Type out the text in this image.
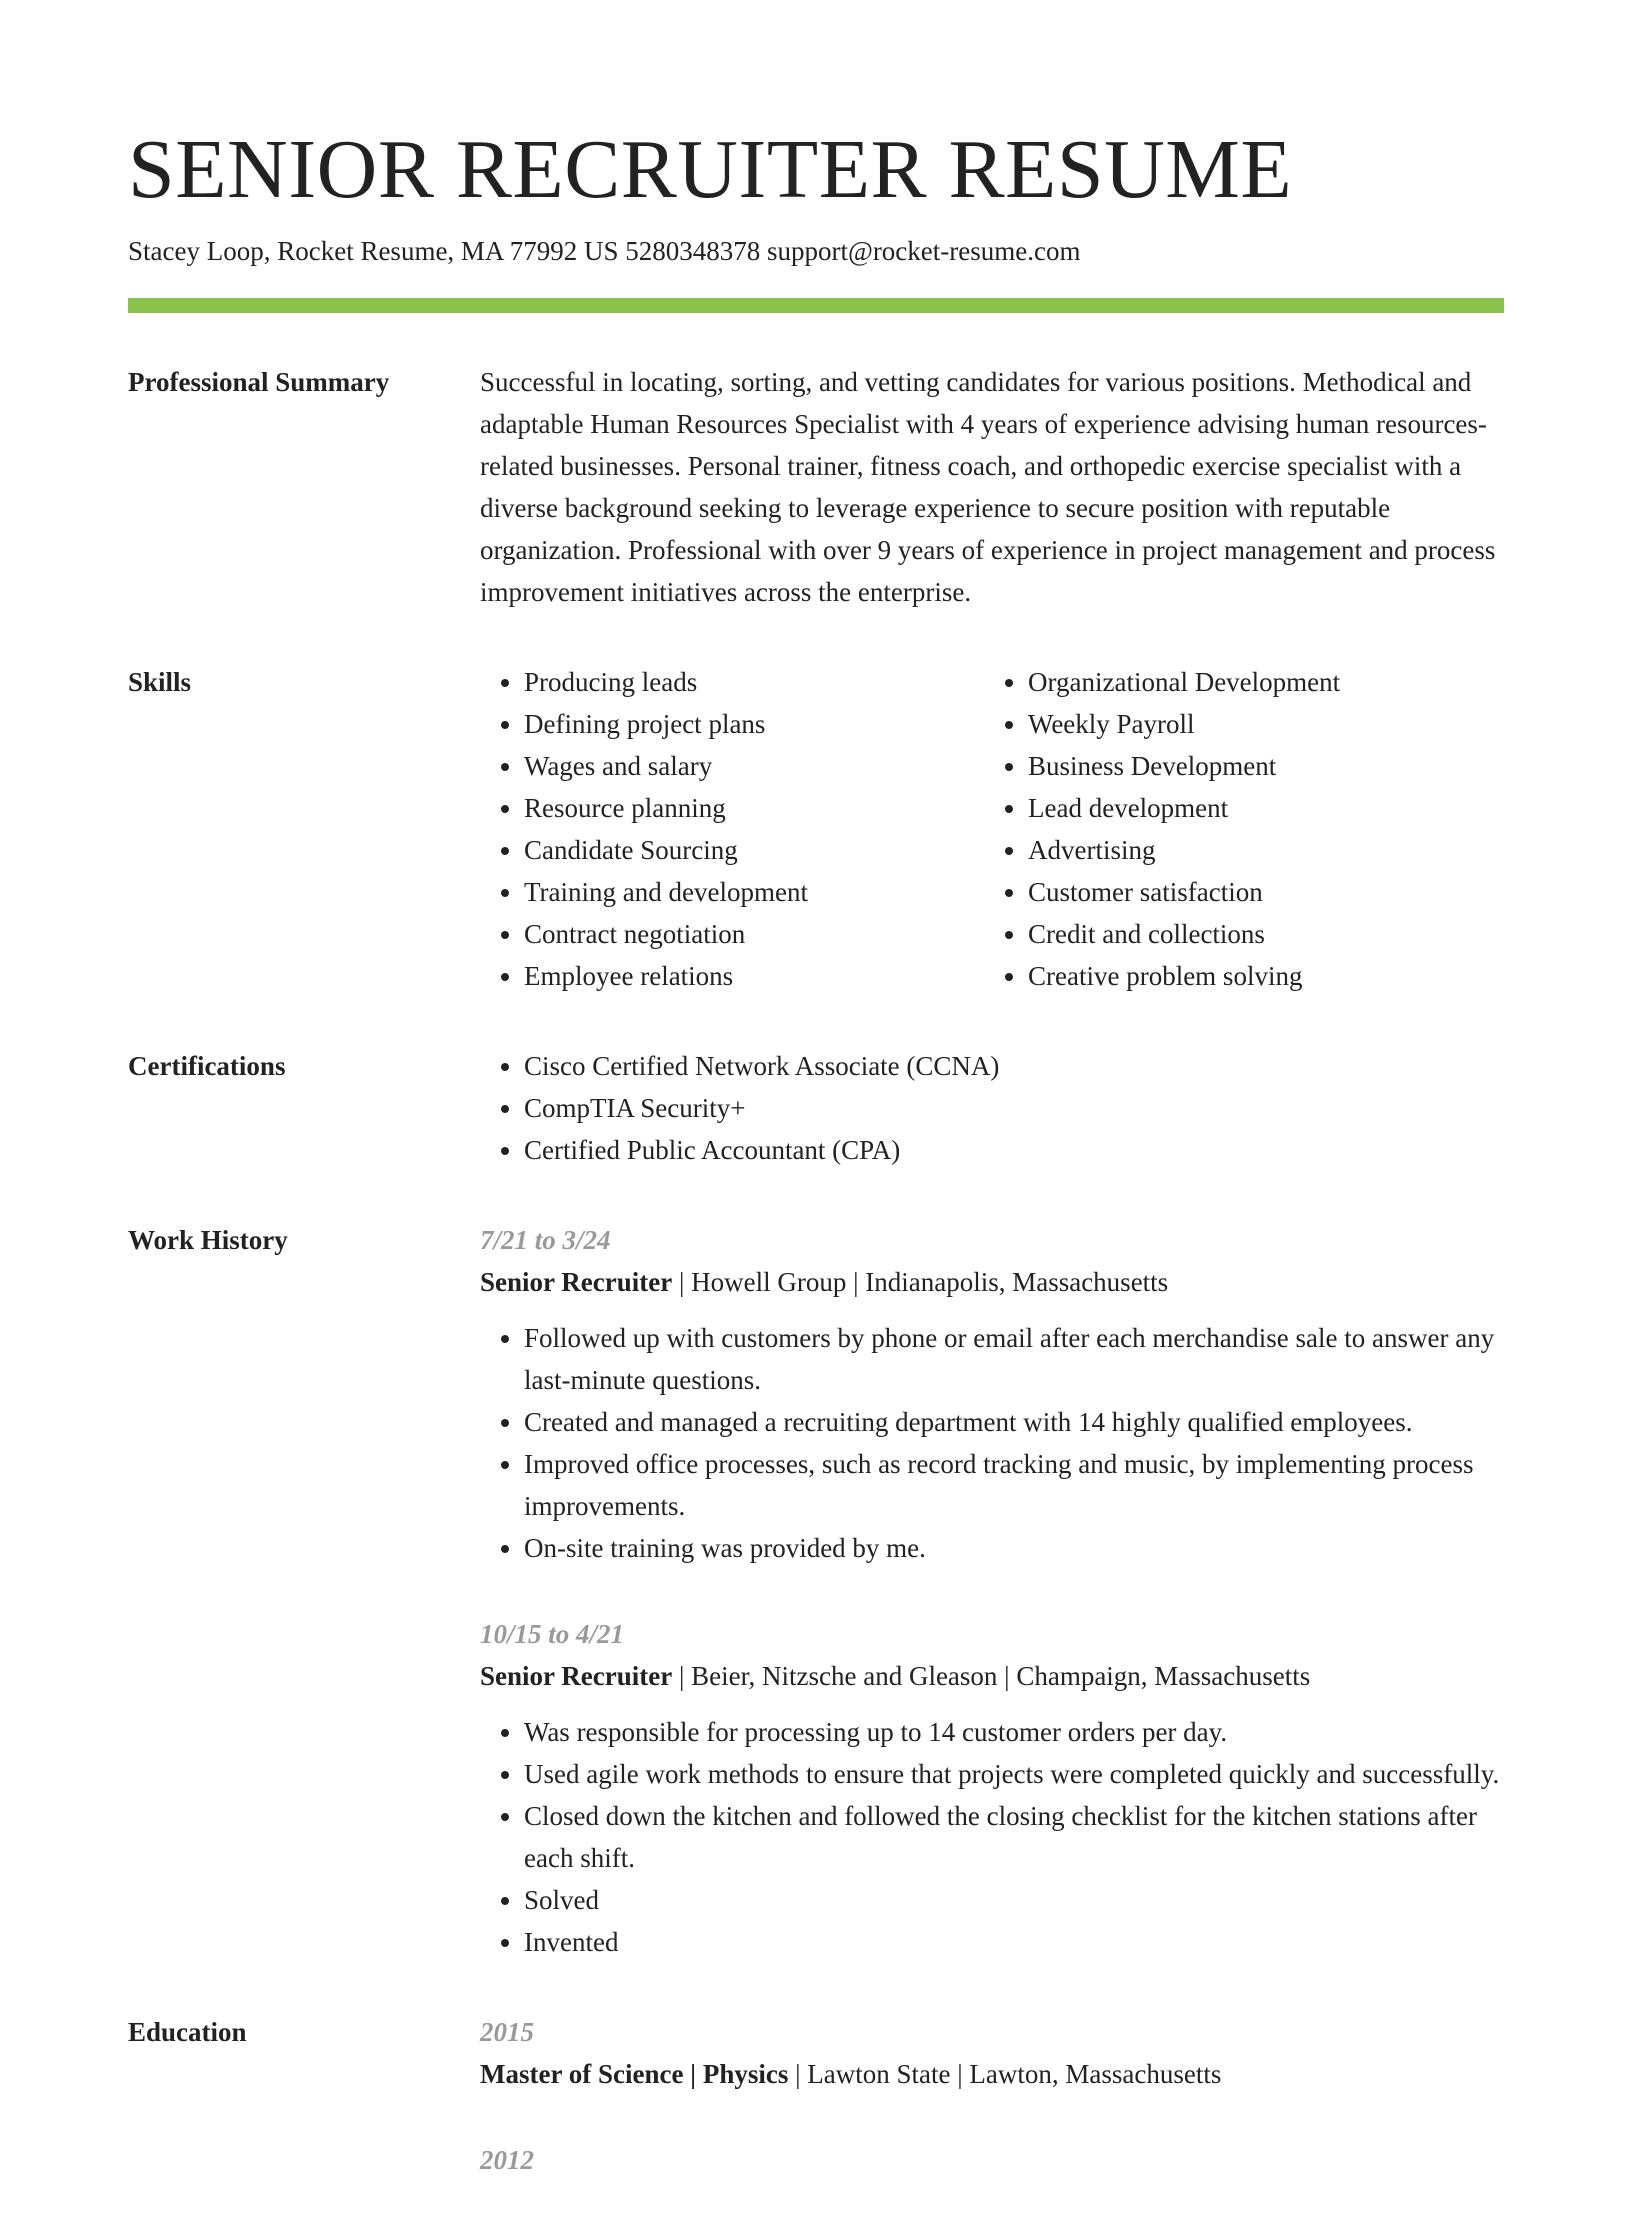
SENIOR RECRUITER RESUME
Stacey Loop, Rocket Resume, MA 77992 US 5280348378 support@rocket-resume.com
Professional Summary	Successful in locating, sorting, and vetting candidates for various positions. Methodical and adaptable Human Resources Specialist with 4 years of experience advising human resources-related businesses. Personal trainer, fitness coach, and orthopedic exercise specialist with a diverse background seeking to leverage experience to secure position with reputable organization. Professional with over 9 years of experience in project management and process improvement initiatives across the enterprise.

Skills	• Producing leads
• Defining project plans
• Wages and salary
• Resource planning
• Candidate Sourcing
• Training and development
• Contract negotiation
• Employee relations
• Organizational Development
• Weekly Payroll
• Business Development
• Lead development
• Advertising
• Customer satisfaction
• Credit and collections
• Creative problem solving
Certifications	• Cisco Certified Network Associate (CCNA)
• CompTIA Security+
• Certified Public Accountant (CPA)
Work History	7/21 to 3/24
Senior Recruiter | Howell Group | Indianapolis, Massachusetts
• Followed up with customers by phone or email after each merchandise sale to answer any last-minute questions.
• Created and managed a recruiting department with 14 highly qualified employees.
• Improved office processes, such as record tracking and music, by implementing process improvements.
• On-site training was provided by me.
10/15 to 4/21
Senior Recruiter | Beier, Nitzsche and Gleason | Champaign, Massachusetts
• Was responsible for processing up to 14 customer orders per day.
• Used agile work methods to ensure that projects were completed quickly and successfully.
• Closed down the kitchen and followed the closing checklist for the kitchen stations after each shift.
• Solved
• Invented
Education	2015
Master of Science | Physics | Lawton State | Lawton, Massachusetts
2012
